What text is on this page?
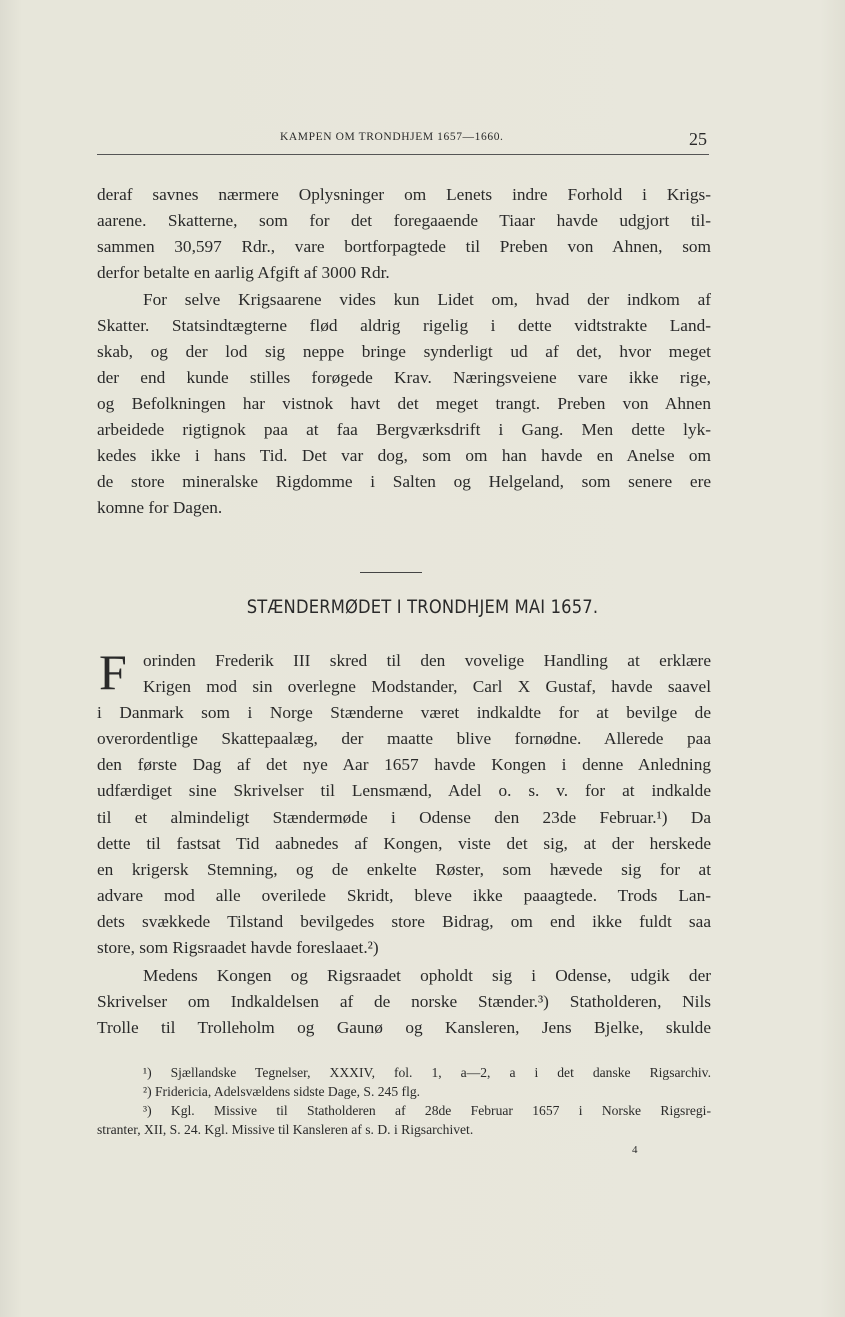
KAMPEN OM TRONDHJEM 1657—1660.	25
deraf savnes nærmere Oplysninger om Lenets indre Forhold i Krigs-
aarene. Skatterne, som for det foregaaende Tiaar havde udgjort til-
sammen 30,597 Rdr., vare bortforpagtede til Preben von Ahnen, som
derfor betalte en aarlig Afgift af 3000 Rdr.
For selve Krigsaarene vides kun Lidet om, hvad der indkom af
Skatter. Statsindtægterne flød aldrig rigelig i dette vidtstrakte Land-
skab, og der lod sig neppe bringe synderligt ud af det, hvor meget
der end kunde stilles forøgede Krav. Næringsveiene vare ikke rige,
og Befolkningen har vistnok havt det meget trangt. Preben von Ahnen
arbeidede rigtignok paa at faa Bergværksdrift i Gang. Men dette lyk-
kedes ikke i hans Tid. Det var dog, som om han havde en Anelse om
de store mineralske Rigdomme i Salten og Helgeland, som senere ere
komne for Dagen.
STÆNDERMØDET I TRONDHJEM MAI 1657.
F orinden Frederik III skred til den vovelige Handling at erklære
Krigen mod sin overlegne Modstander, Carl X Gustaf, havde saavel
i Danmark som i Norge Stænderne været indkaldte for at bevilge de
overordentlige Skattepaalæg, der maatte blive fornødne. Allerede paa
den første Dag af det nye Aar 1657 havde Kongen i denne Anledning
udfærdiget sine Skrivelser til Lensmænd, Adel o. s. v. for at indkalde
til et almindeligt Stændermøde i Odense den 23de Februar.¹) Da
dette til fastsat Tid aabnedes af Kongen, viste det sig, at der herskede
en krigersk Stemning, og de enkelte Røster, som hævede sig for at
advare mod alle overilede Skridt, bleve ikke paaagtede. Trods Lan-
dets svækkede Tilstand bevilgedes store Bidrag, om end ikke fuldt saa
store, som Rigsraadet havde foreslaaet.²)
Medens Kongen og Rigsraadet opholdt sig i Odense, udgik der
Skrivelser om Indkaldelsen af de norske Stænder.³) Statholderen, Nils
Trolle til Trolleholm og Gaunø og Kansleren, Jens Bjelke, skulde
¹) Sjællandske Tegnelser, XXXIV, fol. 1, a—2, a i det danske Rigsarchiv.
²) Fridericia, Adelsvældens sidste Dage, S. 245 flg.
³) Kgl. Missive til Statholderen af 28de Februar 1657 i Norske Rigsregi-
stranter, XII, S. 24. Kgl. Missive til Kansleren af s. D. i Rigsarchivet.
4
